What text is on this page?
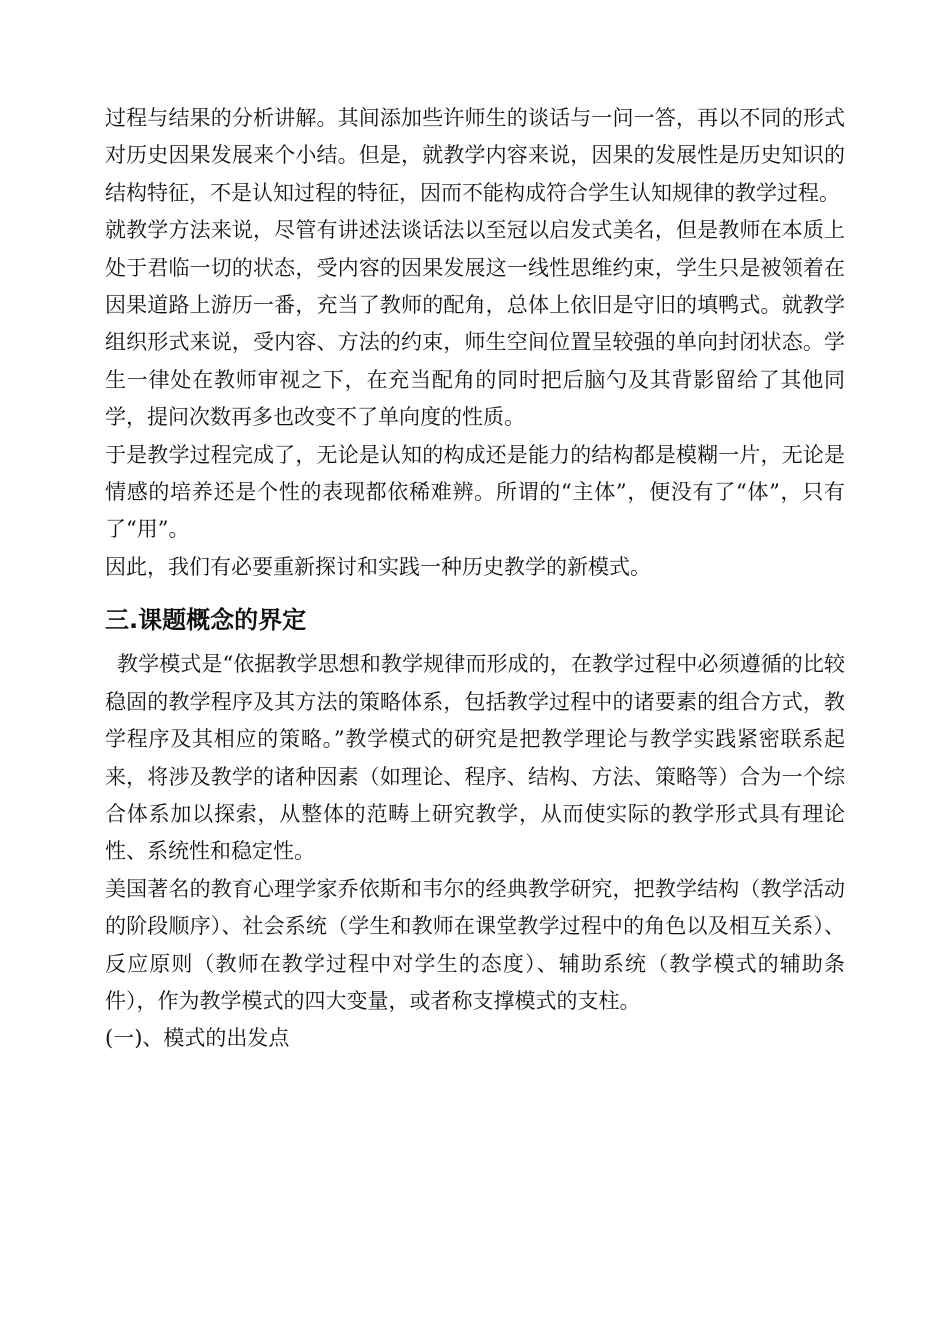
过程与结果的分析讲解。其间添加些许师生的谈话与一问一答，再以不同的形式对历史因果发展来个小结。但是，就教学内容来说，因果的发展性是历史知识的结构特征，不是认知过程的特征，因而不能构成符合学生认知规律的教学过程。

就教学方法来说，尽管有讲述法谈话法以至冠以启发式美名，但是教师在本质上处于君临一切的状态，受内容的因果发展这一线性思维约束，学生只是被领着在因果道路上游历一番，充当了教师的配角，总体上依旧是守旧的填鸭式。就教学组织形式来说，受内容、方法的约束，师生空间位置呈较强的单向封闭状态。学生一律处在教师审视之下，在充当配角的同时把后脑勺及其背影留给了其他同学，提问次数再多也改变不了单向度的性质。

于是教学过程完成了，无论是认知的构成还是能力的结构都是模糊一片，无论是情感的培养还是个性的表现都依稀难辨。所谓的“主体”，便没有了“体”，只有了“用”。

因此，我们有必要重新探讨和实践一种历史教学的新模式。

三.课题概念的界定

教学模式是“依据教学思想和教学规律而形成的，在教学过程中必须遵循的比较稳固的教学程序及其方法的策略体系，包括教学过程中的诸要素的组合方式，教学程序及其相应的策略。”教学模式的研究是把教学理论与教学实践紧密联系起来，将涉及教学的诸种因素（如理论、程序、结构、方法、策略等）合为一个综合体系加以探索，从整体的范畴上研究教学，从而使实际的教学形式具有理论性、系统性和稳定性。

美国著名的教育心理学家乔依斯和韦尔的经典教学研究，把教学结构（教学活动的阶段顺序）、社会系统（学生和教师在课堂教学过程中的角色以及相互关系）、反应原则（教师在教学过程中对学生的态度）、辅助系统（教学模式的辅助条件），作为教学模式的四大变量，或者称支撑模式的支柱。

(一)、模式的出发点
